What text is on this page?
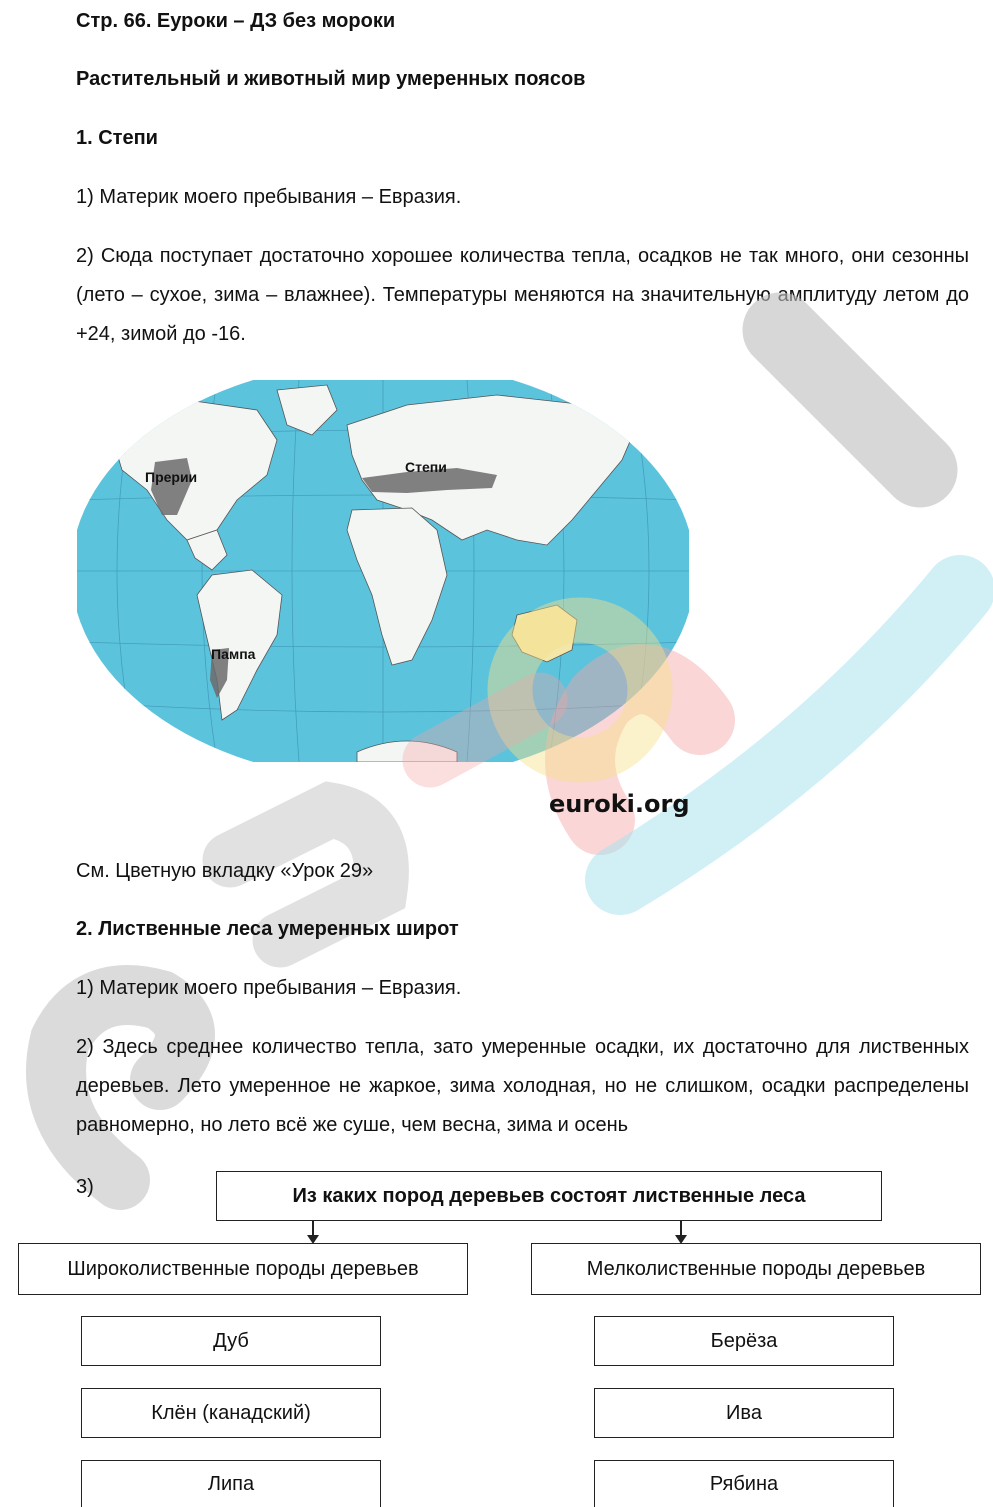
Стр. 66. Еуроки – ДЗ без мороки
Растительный и животный мир умеренных поясов
1. Степи
1) Материк моего пребывания – Евразия.
2) Сюда поступает достаточно хорошее количества тепла, осадков не так много, они сезонны (лето – сухое, зима – влажнее). Температуры меняются на значительную амплитуду летом до +24, зимой до -16.
Прерии
Степи
Пампа
euroki.org
См. Цветную вкладку «Урок 29»
2. Лиственные леса умеренных широт
1) Материк моего пребывания – Евразия.
2) Здесь среднее количество тепла, зато умеренные осадки, их достаточно для лиственных деревьев. Лето умеренное не жаркое, зима холодная, но не слишком, осадки распределены равномерно, но лето всё же суше, чем весна, зима и осень
3)	Из каких пород деревьев состоят лиственные леса
Широколиственные породы деревьев	Мелколиственные породы деревьев
Дуб
Клён (канадский)
Липа
Берёза
Ива
Рябина
